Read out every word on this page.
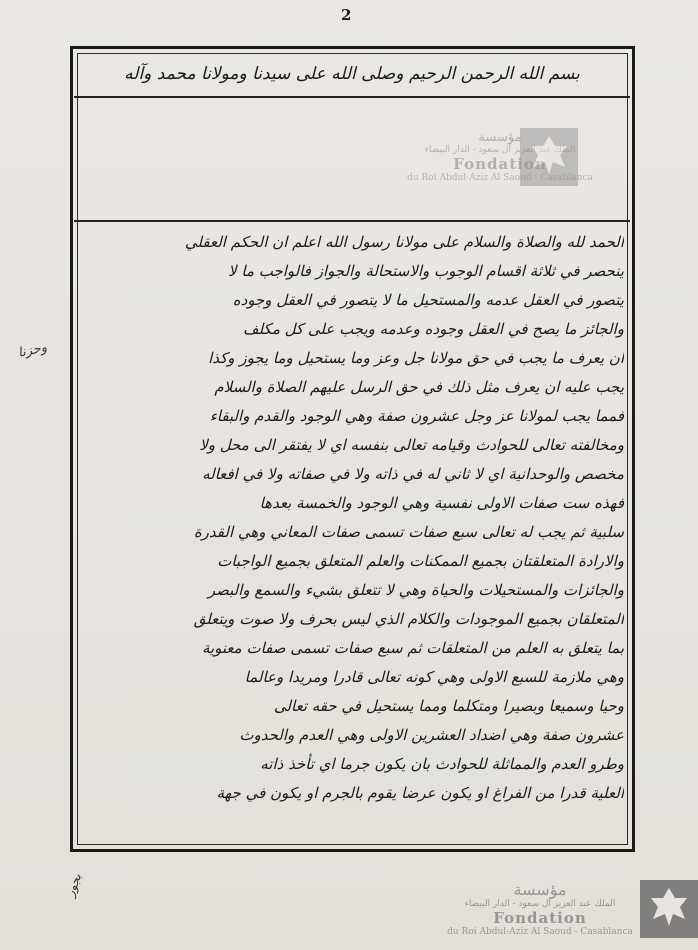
2
بسم الله الرحمن الرحيم وصلى الله على سيدنا ومولانا محمد وآله
مؤسسة
الملك عبد العزيز آل سعود - الدار البيضاء
Fondation
du Roi Abdul-Aziz Al Saoud - Casablanca
الحمد لله والصلاة والسلام على مولانا رسول الله اعلم ان الحكم العقلي
ينحصر في ثلاثة اقسام الوجوب والاستحالة والجواز فالواجب ما لا
يتصور في العقل عدمه والمستحيل ما لا يتصور في العقل وجوده
والجائز ما يصح في العقل وجوده وعدمه ويجب على كل مكلف
ان يعرف ما يجب في حق مولانا جل وعز وما يستحيل وما يجوز وكذا
يجب عليه ان يعرف مثل ذلك في حق الرسل عليهم الصلاة والسلام
فمما يجب لمولانا عز وجل عشرون صفة وهي الوجود والقدم والبقاء
ومخالفته تعالى للحوادث وقيامه تعالى بنفسه اي لا يفتقر الى محل ولا
مخصص والوحدانية اي لا ثاني له في ذاته ولا في صفاته ولا في افعاله
فهذه ست صفات الاولى نفسية وهي الوجود والخمسة بعدها
سلبية ثم يجب له تعالى سبع صفات تسمى صفات المعاني وهي القدرة
والارادة المتعلقتان بجميع الممكنات والعلم المتعلق بجميع الواجبات
والجائزات والمستحيلات والحياة وهي لا تتعلق بشيء والسمع والبصر
المتعلقان بجميع الموجودات والكلام الذي ليس بحرف ولا صوت ويتعلق
بما يتعلق به العلم من المتعلقات ثم سبع صفات تسمى صفات معنوية
وهي ملازمة للسبع الاولى وهي كونه تعالى قادرا ومريدا وعالما
وحيا وسميعا وبصيرا ومتكلما ومما يستحيل في حقه تعالى
عشرون صفة وهي اضداد العشرين الاولى وهي العدم والحدوث
وطرو العدم والمماثلة للحوادث بان يكون جرما اي تأخذ ذاته
العلية قدرا من الفراغ او يكون عرضا يقوم بالجرم او يكون في جهة
وحزنا
بجور	مؤسسة
الملك عبد العزيز آل سعود - الدار البيضاء
Fondation
du Roi Abdul-Aziz Al Saoud - Casablanca
